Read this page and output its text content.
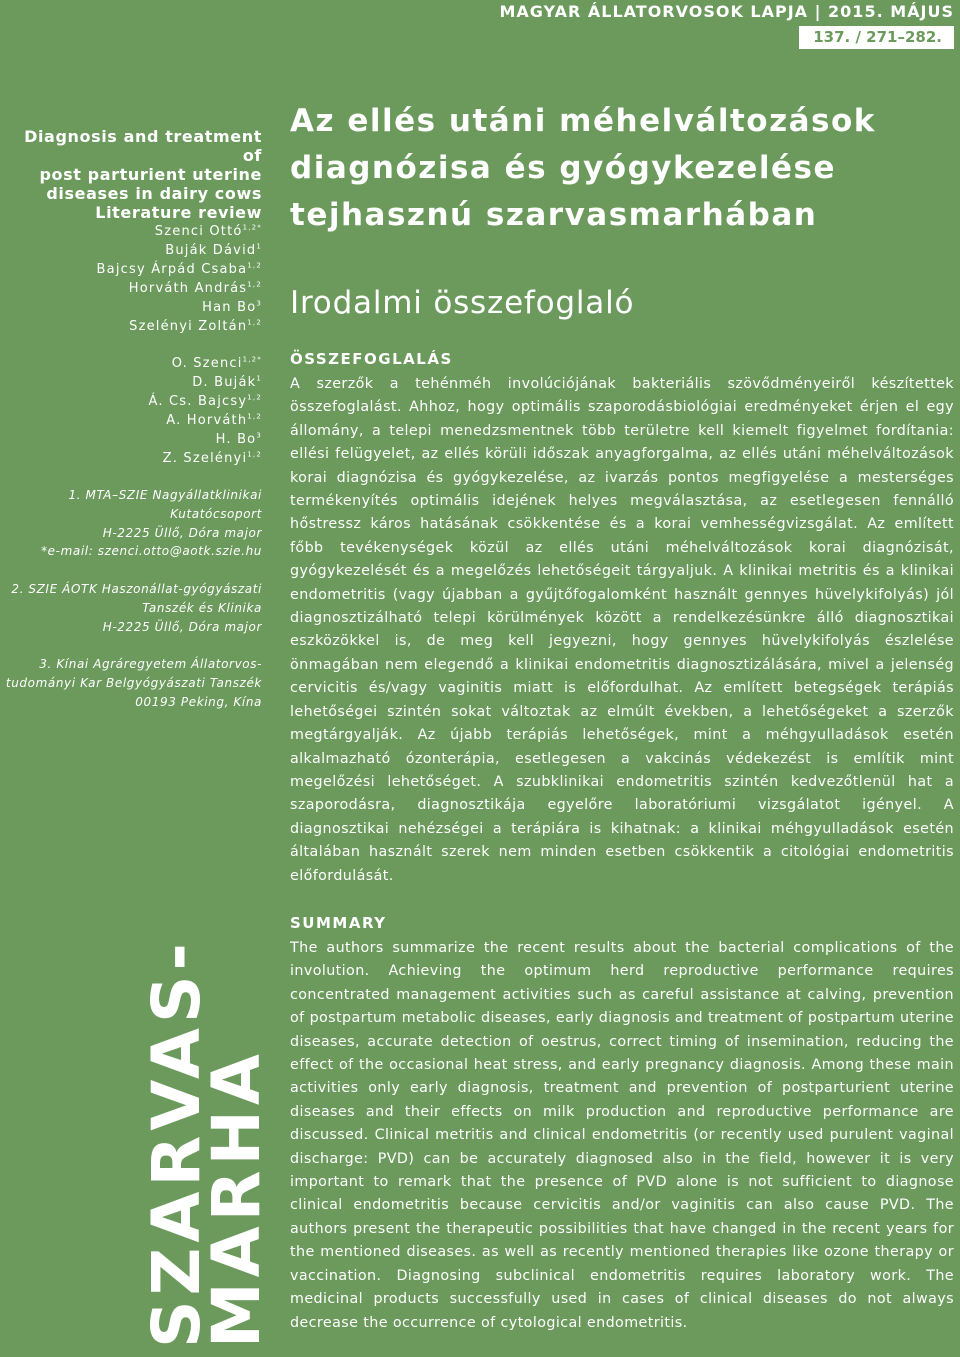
MAGYAR ÁLLATORVOSOK LAPJA | 2015. MÁJUS
137. / 271–282.
Diagnosis and treatment of
post parturient uterine
diseases in dairy cows
Literature review
Szenci Ottó$^{1,2*}$
Buják Dávid$^1$
Bajcsy Árpád Csaba$^{1,2}$
Horváth András$^{1,2}$
Han Bo$^3$
Szelényi Zoltán$^{1,2}$
O. Szenci$^{1,2*}$
D. Buják$^1$
Á. Cs. Bajcsy$^{1,2}$
A. Horváth$^{1,2}$
H. Bo$^3$
Z. Szelényi$^{1,2}$
1. MTA–SZIE Nagyállatklinikai Kutatócsoport
H-2225 Üllő, Dóra major
*e-mail: szenci.otto@aotk.szie.hu
2. SZIE ÁOTK Haszonállat-gyógyászati
Tanszék és Klinika
H-2225 Üllő, Dóra major
3. Kínai Agráregyetem Állatorvos-
tudományi Kar Belgyógyászati Tanszék
00193 Peking, Kína
SZARVAS-
MARHA
Az ellés utáni méhelváltozások
diagnózisa és gyógykezelése
tejhasznú szarvasmarhában
Irodalmi összefoglaló
ÖSSZEFOGLALÁS

A szerzők a tehénméh involúciójának bakteriális szövődményeiről készítettek összefoglalást. Ahhoz, hogy optimális szaporodásbiológiai eredményeket érjen el egy állomány, a telepi menedzsmentnek több területre kell kiemelt figyelmet fordítania: ellési felügyelet, az ellés körüli időszak anyagforgalma, az ellés utáni méhelváltozások korai diagnózisa és gyógykezelése, az ivarzás pontos megfigyelése a mesterséges termékenyítés optimális idejének helyes megválasztása, az esetlegesen fennálló hőstressz káros hatásának csökkentése és a korai vemhességvizsgálat. Az említett főbb tevékenységek közül az ellés utáni méhelváltozások korai diagnózisát, gyógykezelését és a megelőzés lehetőségeit tárgyaljuk. A klinikai metritis és a klinikai endometritis (vagy újabban a gyűjtőfogalomként használt gennyes hüvelykifolyás) jól diagnosztizálható telepi körülmények között a rendelkezésünkre álló diagnosztikai eszközökkel is, de meg kell jegyezni, hogy gennyes hüvelykifolyás észlelése önmagában nem elegendő a klinikai endometritis diagnosztizálására, mivel a jelenség cervicitis és/vagy vaginitis miatt is előfordulhat. Az említett betegségek terápiás lehetőségei szintén sokat változtak az elmúlt években, a lehetőségeket a szerzők megtárgyalják. Az újabb terápiás lehetőségek, mint a méhgyulladások esetén alkalmazható ózonterápia, esetlegesen a vakcinás védekezést is említik mint megelőzési lehetőséget. A szubklinikai endometritis szintén kedvezőtlenül hat a szaporodásra, diagnosztikája egyelőre laboratóriumi vizsgálatot igényel. A diagnosztikai nehézségei a terápiára is kihatnak: a klinikai méhgyulladások esetén általában használt szerek nem minden esetben csökkentik a citológiai endometritis előfordulását.

SUMMARY

The authors summarize the recent results about the bacterial complications of the involution. Achieving the optimum herd reproductive performance requires concentrated management activities such as careful assistance at calving, prevention of postpartum metabolic diseases, early diagnosis and treatment of postpartum uterine diseases, accurate detection of oestrus, correct timing of insemination, reducing the effect of the occasional heat stress, and early pregnancy diagnosis. Among these main activities only early diagnosis, treatment and prevention of postparturient uterine diseases and their effects on milk production and reproductive performance are discussed. Clinical metritis and clinical endometritis (or recently used purulent vaginal discharge: PVD) can be accurately diagnosed also in the field, however it is very important to remark that the presence of PVD alone is not sufficient to diagnose clinical endometritis because cervicitis and/or vaginitis can also cause PVD. The authors present the therapeutic possibilities that have changed in the recent years for the mentioned diseases. as well as recently mentioned therapies like ozone therapy or vaccination. Diagnosing subclinical endometritis requires laboratory work. The medicinal products successfully used in cases of clinical diseases do not always decrease the occurrence of cytological endometritis.
